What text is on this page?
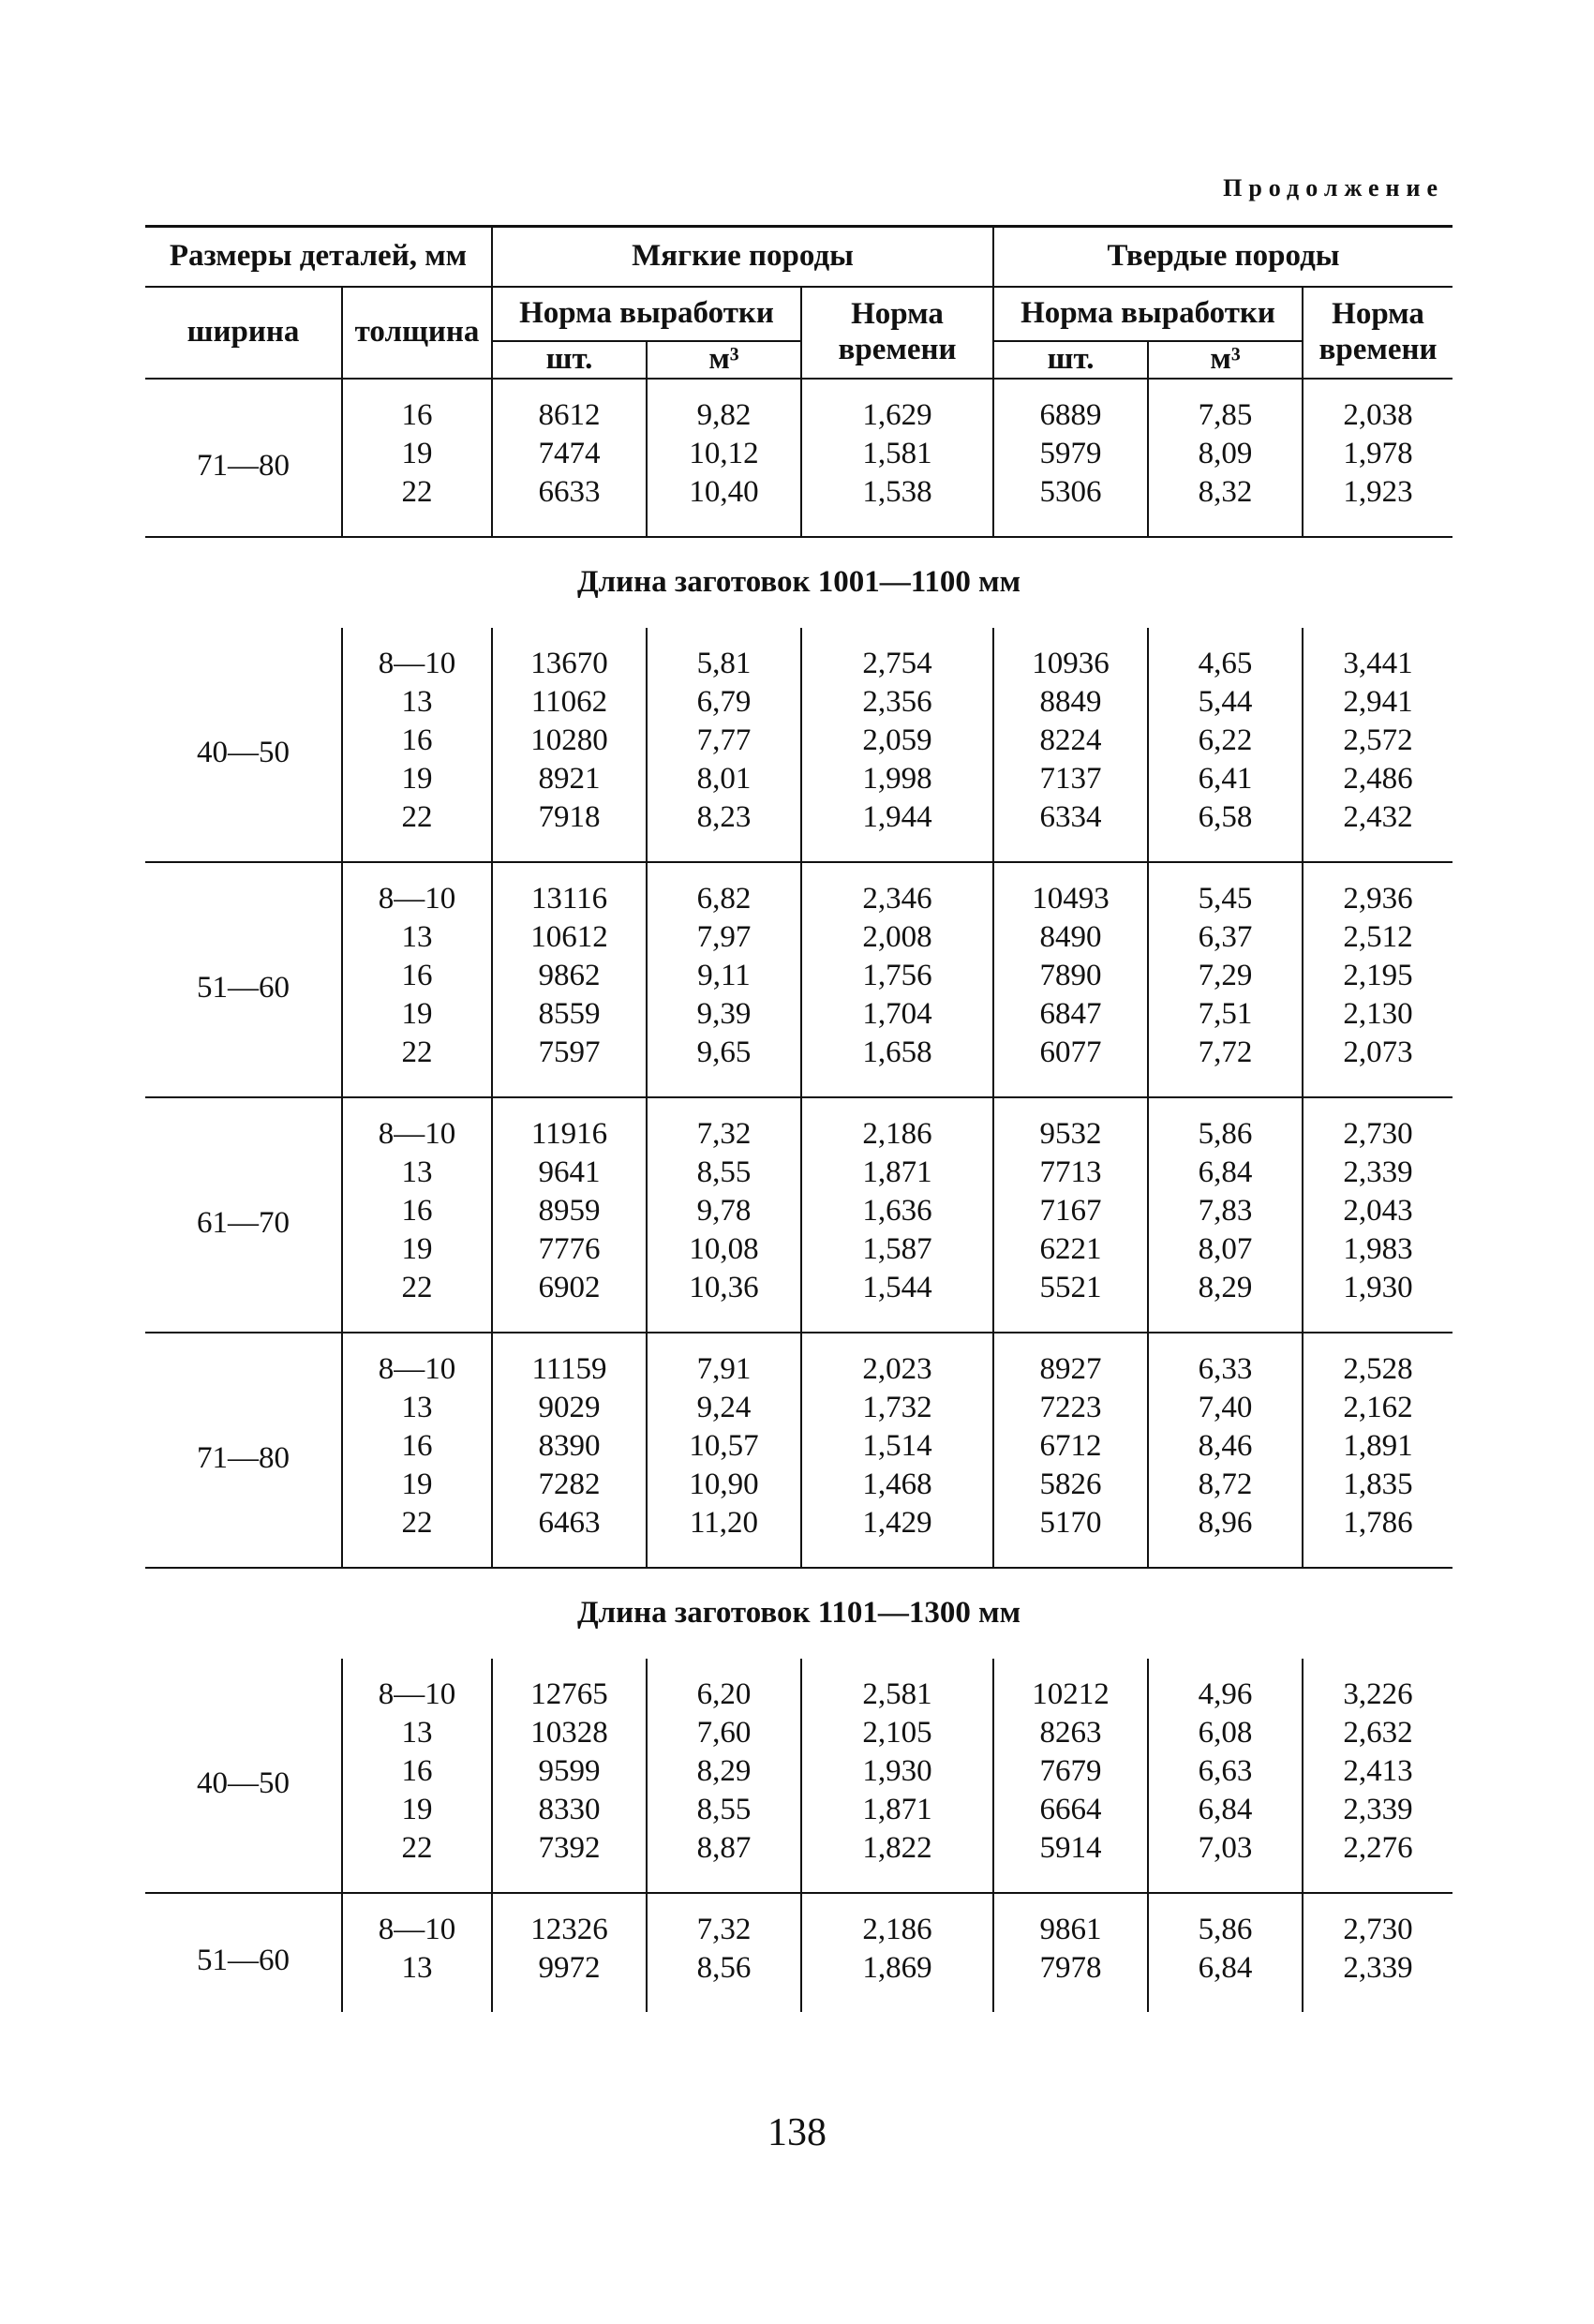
Продолжение
Размеры деталей, мм		Мягкие породы			Твердые породы		
ширина	толщина	Норма выработки		Норма времени	Норма выработки		Норма времени
		шт.	м³		шт.	м³	
71—80	16	8612	9,82	1,629	6889	7,85	2,038
	19	7474	10,12	1,581	5979	8,09	1,978
	22	6633	10,40	1,538	5306	8,32	1,923
Длина заготовок 1001—1100 мм							
40—50	8—10	13670	5,81	2,754	10936	4,65	3,441
	13	11062	6,79	2,356	8849	5,44	2,941
	16	10280	7,77	2,059	8224	6,22	2,572
	19	8921	8,01	1,998	7137	6,41	2,486
	22	7918	8,23	1,944	6334	6,58	2,432
51—60	8—10	13116	6,82	2,346	10493	5,45	2,936
	13	10612	7,97	2,008	8490	6,37	2,512
	16	9862	9,11	1,756	7890	7,29	2,195
	19	8559	9,39	1,704	6847	7,51	2,130
	22	7597	9,65	1,658	6077	7,72	2,073
61—70	8—10	11916	7,32	2,186	9532	5,86	2,730
	13	9641	8,55	1,871	7713	6,84	2,339
	16	8959	9,78	1,636	7167	7,83	2,043
	19	7776	10,08	1,587	6221	8,07	1,983
	22	6902	10,36	1,544	5521	8,29	1,930
71—80	8—10	11159	7,91	2,023	8927	6,33	2,528
	13	9029	9,24	1,732	7223	7,40	2,162
	16	8390	10,57	1,514	6712	8,46	1,891
	19	7282	10,90	1,468	5826	8,72	1,835
	22	6463	11,20	1,429	5170	8,96	1,786
Длина заготовок 1101—1300 мм							
40—50	8—10	12765	6,20	2,581	10212	4,96	3,226
	13	10328	7,60	2,105	8263	6,08	2,632
	16	9599	8,29	1,930	7679	6,63	2,413
	19	8330	8,55	1,871	6664	6,84	2,339
	22	7392	8,87	1,822	5914	7,03	2,276
51—60	8—10	12326	7,32	2,186	9861	5,86	2,730
	13	9972	8,56	1,869	7978	6,84	2,339
138
